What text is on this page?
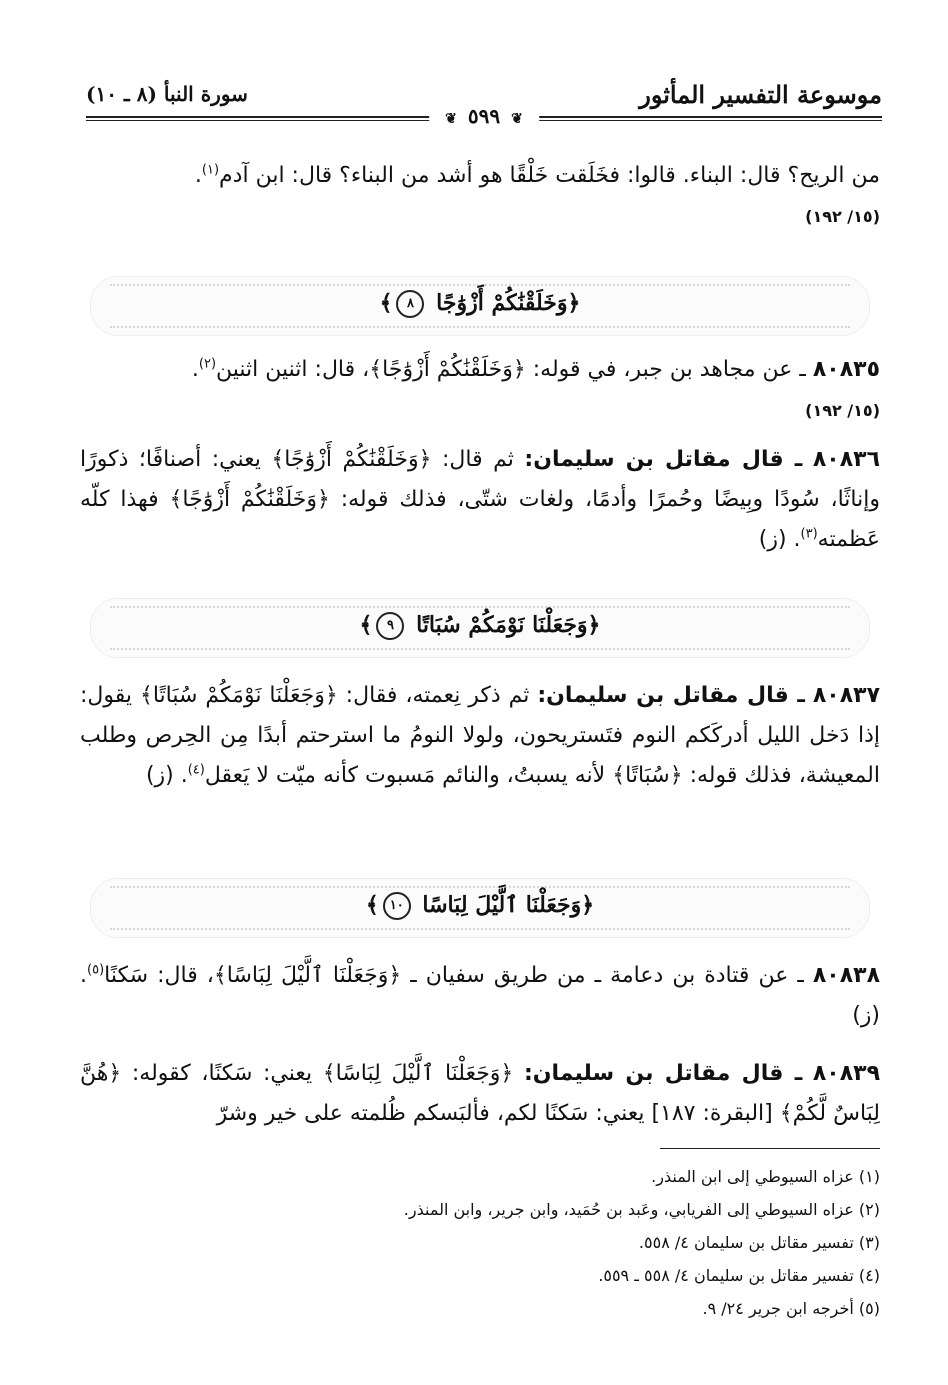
موسوعة التفسير المأثور
سورة النبأ (٨ ـ ١٠)
❦ ٥٩٩ ❦
من الريح؟ قال: البناء. قالوا: فخَلَقت خَلْقًا هو أشد من البناء؟ قال: ابن آدم$^{(١)}$.
(١٥/ ١٩٢)
﴿وَخَلَقْنَٰكُمْ أَزْوَٰجًا ٨﴾
٨٠٨٣٥ ـ عن مجاهد بن جبر، في قوله: ﴿وَخَلَقْنَٰكُمْ أَزْوَٰجًا﴾، قال: اثنين اثنين$^{(٢)}$.
(١٥/ ١٩٢)
٨٠٨٣٦ ـ قال مقاتل بن سليمان: ثم قال: ﴿وَخَلَقْنَٰكُمْ أَزْوَٰجًا﴾ يعني: أصنافًا؛ ذكورًا وإناثًا، سُودًا وبِيضًا وحُمرًا وأدمًا، ولغات شتّى، فذلك قوله: ﴿وَخَلَقْنَٰكُمْ أَزْوَٰجًا﴾ فهذا كلّه عَظمته$^{(٣)}$. (ز)
﴿وَجَعَلْنَا نَوْمَكُمْ سُبَاتًا ٩﴾
٨٠٨٣٧ ـ قال مقاتل بن سليمان: ثم ذكر نِعمته، فقال: ﴿وَجَعَلْنَا نَوْمَكُمْ سُبَاتًا﴾ يقول: إذا دَخل الليل أدركَكم النوم فتَستريحون، ولولا النومُ ما استرحتم أبدًا مِن الحِرص وطلب المعيشة، فذلك قوله: ﴿سُبَاتًا﴾ لأنه يسبتُ، والنائم مَسبوت كأنه ميّت لا يَعقل$^{(٤)}$. (ز)
﴿وَجَعَلْنَا ٱلَّيْلَ لِبَاسًا ١٠﴾
٨٠٨٣٨ ـ عن قتادة بن دعامة ـ من طريق سفيان ـ ﴿وَجَعَلْنَا ٱلَّيْلَ لِبَاسًا﴾، قال: سَكنًا$^{(٥)}$. (ز)
٨٠٨٣٩ ـ قال مقاتل بن سليمان: ﴿وَجَعَلْنَا ٱلَّيْلَ لِبَاسًا﴾ يعني: سَكنًا، كقوله: ﴿هُنَّ لِبَاسٌ لَّكُمْ﴾ [البقرة: ١٨٧] يعني: سَكنًا لكم، فألبَسكم ظُلمته على خير وشرّ
(١) عزاه السيوطي إلى ابن المنذر.
(٢) عزاه السيوطي إلى الفريابي، وعَبد بن حُمَيد، وابن جرير، وابن المنذر.
(٣) تفسير مقاتل بن سليمان ٤/ ٥٥٨.
(٤) تفسير مقاتل بن سليمان ٤/ ٥٥٨ ـ ٥٥٩.
(٥) أخرجه ابن جرير ٢٤/ ٩.
